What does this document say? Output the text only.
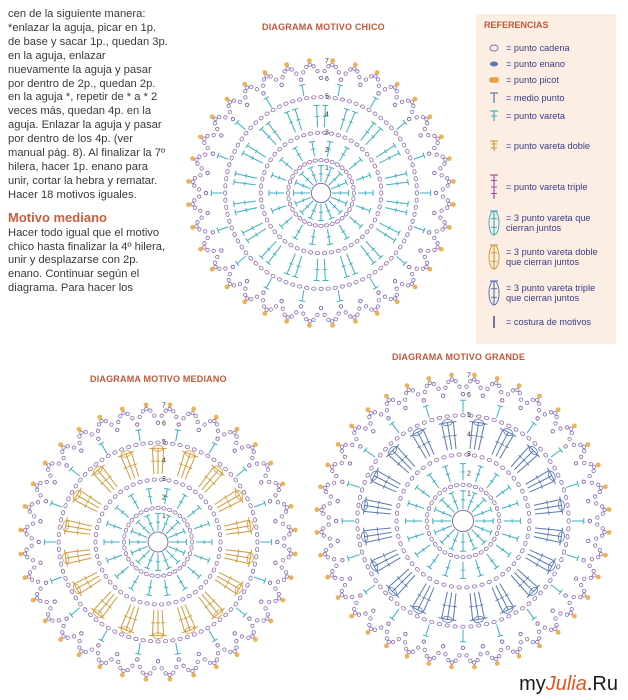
cen de la siguiente manera: *enlazar la aguja, picar en 1p. de base y sacar 1p., quedan 3p. en la aguja, enlazar nuevamente la aguja y pasar por dentro de 2p., quedan 2p. en la aguja *, repetir de * a * 2 veces más, quedan 4p. en la aguja. Enlazar la aguja y pasar por dentro de los 4p. (ver manual pág. 8). Al finalizar la 7º hilera, hacer 1p. enano para unir, cortar la hebra y rematar. Hacer 18 motivos iguales.

Motivo mediano

Hacer todo igual que el motivo chico hasta finalizar la 4º hilera, unir y desplazarse con 2p. enano. Continuar según el diagrama. Para hacer los

DIAGRAMA MOTIVO CHICO
DIAGRAMA MOTIVO MEDIANO
DIAGRAMA MOTIVO GRANDE
7
6
5
4
3
2
1
7
6
5
4
3
2
1
7
6
5
4
3
2
1
REFERENCIAS
= punto cadena
= punto enano
= punto picot
= medio punto
= punto vareta
= punto vareta doble
= punto vareta triple
= 3 punto vareta que cierran juntos
= 3 punto vareta doble que cierran juntos
= 3 punto vareta triple que cierran juntos
= costura de motivos
myJulia.Ru
